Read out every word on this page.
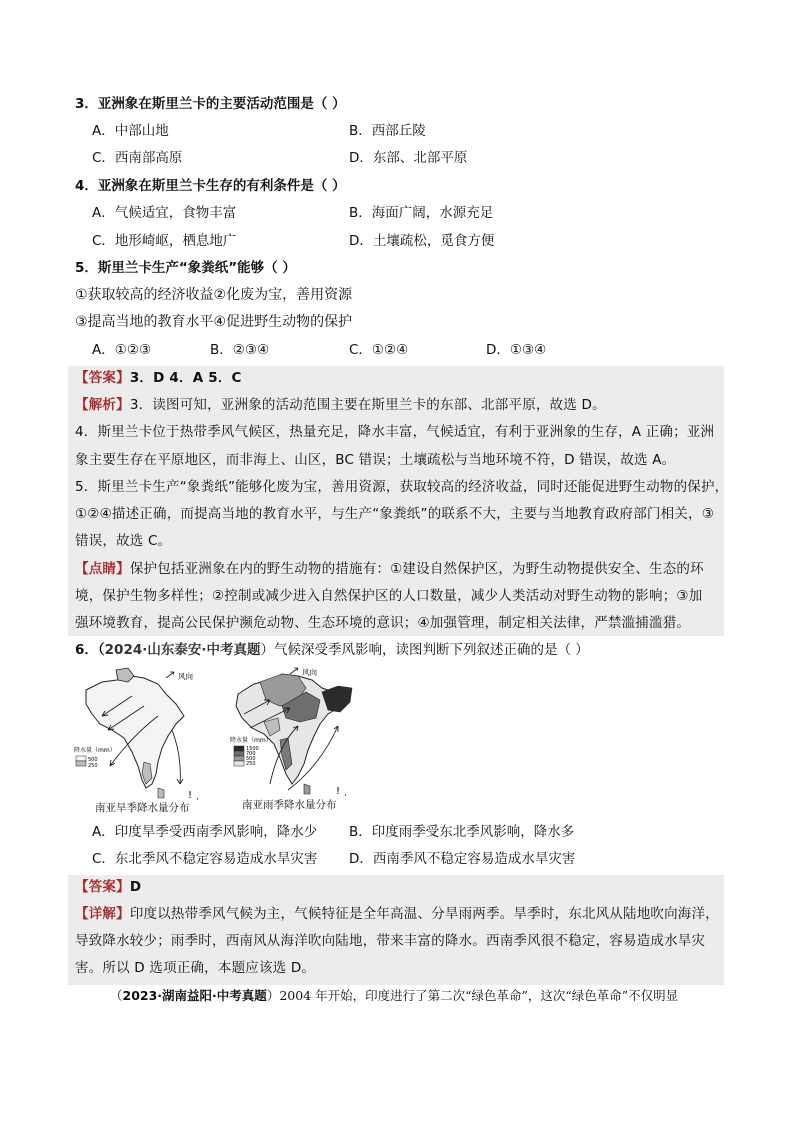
3．亚洲象在斯里兰卡的主要活动范围是（ ）
A．中部山地	B．西部丘陵
C．西南部高原	D．东部、北部平原
4．亚洲象在斯里兰卡生存的有利条件是（ ）
A．气候适宜，食物丰富	B．海面广阔，水源充足
C．地形崎岖，栖息地广	D．土壤疏松，觅食方便
5．斯里兰卡生产“象粪纸”能够（ ）
①获取较高的经济收益②化废为宝，善用资源
③提高当地的教育水平④促进野生动物的保护
A．①②③	B．②③④	C．①②④	D．①③④
【答案】3．D 4．A 5．C
【解析】3．读图可知，亚洲象的活动范围主要在斯里兰卡的东部、北部平原，故选 D。
4．斯里兰卡位于热带季风气候区，热量充足，降水丰富，气候适宜，有利于亚洲象的生存，A 正确；亚洲
象主要生存在平原地区，而非海上、山区，BC 错误；土壤疏松与当地环境不符，D 错误，故选 A。
5．斯里兰卡生产“象粪纸”能够化废为宝，善用资源，获取较高的经济收益，同时还能促进野生动物的保护，
①②④描述正确，而提高当地的教育水平，与生产“象粪纸”的联系不大，主要与当地教育政府部门相关，③
错误，故选 C。
【点睛】保护包括亚洲象在内的野生动物的措施有：①建设自然保护区，为野生动物提供安全、生态的环
境，保护生物多样性；②控制或减少进入自然保护区的人口数量，减少人类活动对野生动物的影响；③加
强环境教育，提高公民保护濒危动物、生态环境的意识；④加强管理，制定相关法律，严禁滥捕滥猎。
6．（2024·山东泰安·中考真题）气候深受季风影响，读图判断下列叙述正确的是（ ）
风向
降水量（mm）
500
250
!
’
南亚旱季降水量分布
风向
降水量（mm）
1500
700
500
250
!
’
南亚雨季降水量分布
A．印度旱季受西南季风影响，降水少 B．印度雨季受东北季风影响，降水多
C．东北季风不稳定容易造成水旱灾害 D．西南季风不稳定容易造成水旱灾害
【答案】D
【详解】印度以热带季风气候为主，气候特征是全年高温、分旱雨两季。旱季时，东北风从陆地吹向海洋，
导致降水较少；雨季时，西南风从海洋吹向陆地，带来丰富的降水。西南季风很不稳定，容易造成水旱灾
害。所以 D 选项正确，本题应该选 D。
（2023·湖南益阳·中考真题）2004 年开始，印度进行了第二次“绿色革命”，这次“绿色革命”不仅明显
